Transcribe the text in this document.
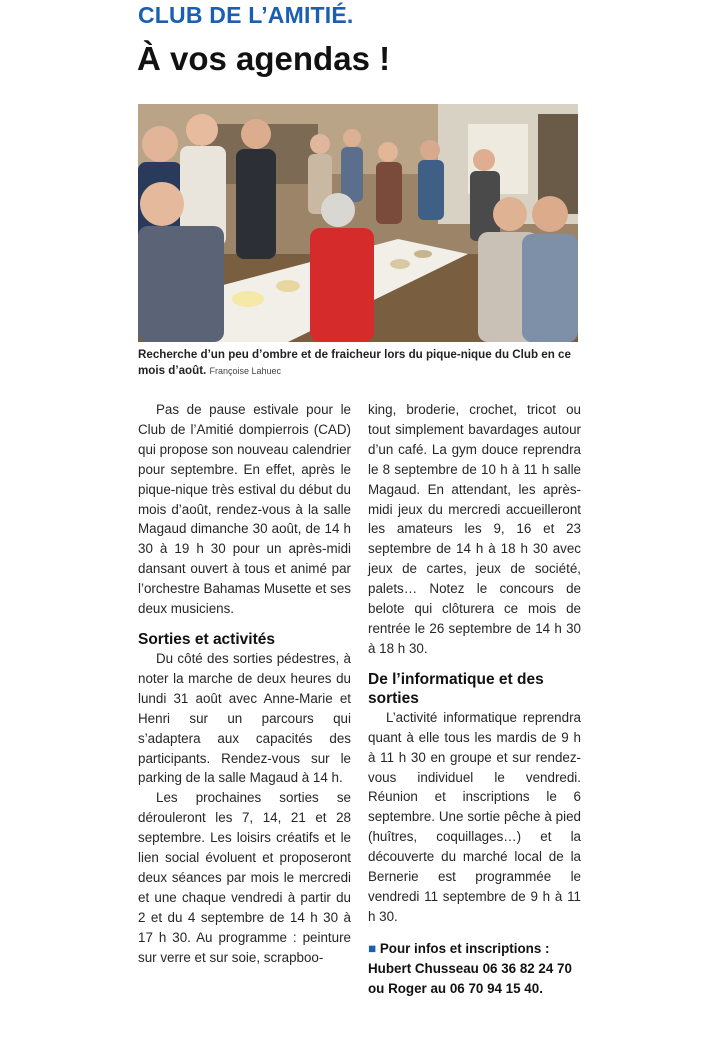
CLUB DE L’AMITIÉ.
À vos agendas !
Recherche d’un peu d’ombre et de fraicheur lors du pique-nique du Club en ce mois d’août. Françoise Lahuec

Pas de pause estivale pour le Club de l’Amitié dompierrois (CAD) qui propose son nouveau calendrier pour septembre. En effet, après le pique-nique très estival du début du mois d’août, rendez-vous à la salle Magaud dimanche 30 août, de 14 h 30 à 19 h 30 pour un après-midi dansant ouvert à tous et animé par l’orchestre Bahamas Musette et ses deux musiciens.

Sorties et activités

Du côté des sorties pédestres, à noter la marche de deux heures du lundi 31 août avec Anne-Marie et Henri sur un parcours qui s’adaptera aux capacités des participants. Rendez-vous sur le parking de la salle Magaud à 14 h.

Les prochaines sorties se dérouleront les 7, 14, 21 et 28 septembre. Les loisirs créatifs et le lien social évoluent et proposeront deux séances par mois le mercredi et une chaque vendredi à partir du 2 et du 4 septembre de 14 h 30 à 17 h 30. Au programme : peinture sur verre et sur soie, scrapboo-

king, broderie, crochet, tricot ou tout simplement bavardages autour d’un café. La gym douce reprendra le 8 septembre de 10 h à 11 h salle Magaud. En attendant, les après-midi jeux du mercredi accueilleront les amateurs les 9, 16 et 23 septembre de 14 h à 18 h 30 avec jeux de cartes, jeux de société, palets… Notez le concours de belote qui clôturera ce mois de rentrée le 26 septembre de 14 h 30 à 18 h 30.

De l’informatique et des sorties

L’activité informatique reprendra quant à elle tous les mardis de 9 h à 11 h 30 en groupe et sur rendez-vous individuel le vendredi. Réunion et inscriptions le 6 septembre. Une sortie pêche à pied (huîtres, coquillages…) et la découverte du marché local de la Bernerie est programmée le vendredi 11 septembre de 9 h à 11 h 30.

■ Pour infos et inscriptions : Hubert Chusseau 06 36 82 24 70 ou Roger au 06 70 94 15 40.
